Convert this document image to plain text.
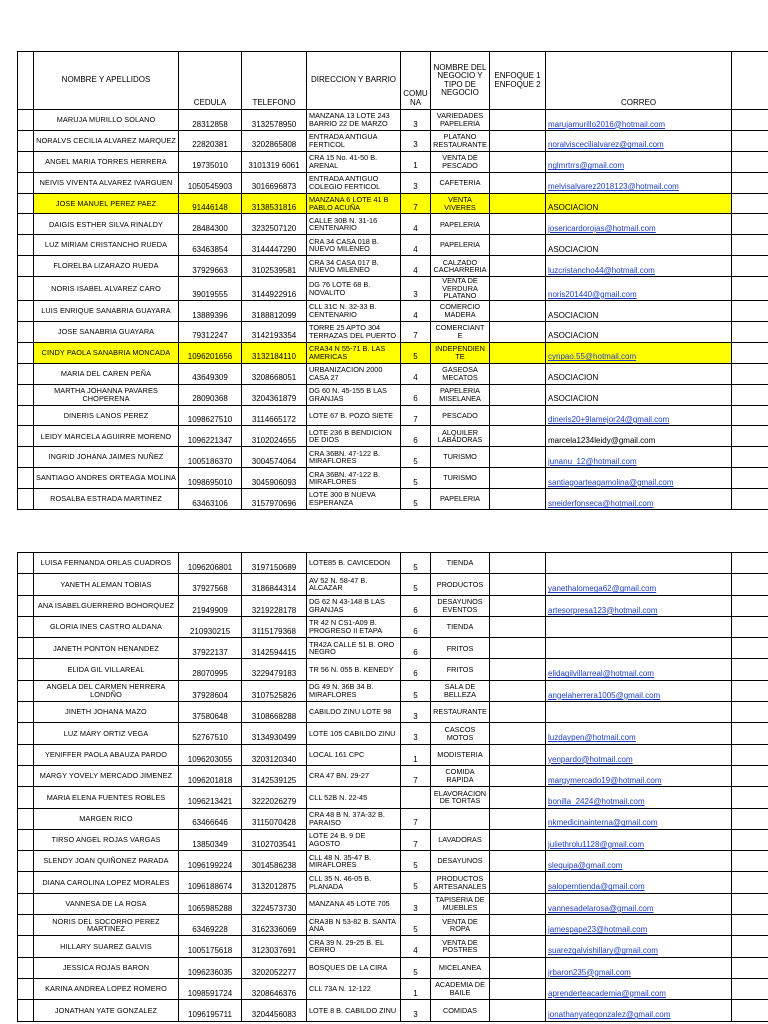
	NOMBRE Y APELLIDOS	CEDULA	TELEFONO	DIRECCION Y BARRIO	COMU NA	NOMBRE DEL NEGOCIO Y TIPO DE NEGOCIO	ENFOQUE 1 ENFOQUE 2	CORREO	
	MARUJA MURILLO SOLANO	28312858	3132578950	MANZANA 13 LOTE 243 BARRIO 22 DE MARZO	3	VARIEDADES PAPELERIA		marujamurillo2016@hotmail.com	
	NORALVS CECILIA ALVAREZ MARQUEZ	22820381	3202865808	ENTRADA ANTIGUA FERTICOL	3	PLATANO RESTAURANTE		noralviscecilialvarez@gmail.com	
	ANGEL MARIA TORRES HERRERA	19735010	3101319 6061	CRA 15 No. 41-50 B. ARENAL	1	VENTA DE PESCADO		nglmrtrrs@gmail.com	
	NEIVIS VIVENTA ALVAREZ IVARGUEN	1050545903	3016696873	ENTRADA ANTIGUO COLEGIO FERTICOL	3	CAFETERIA		melvisalvarez2018123@hotmail.com	
	JOSE MANUEL PEREZ PAEZ	91446148	3138531816	MANZANA 6 LOTE 41 B PABLO ACUÑA	7	VENTA VIVERES		ASOCIACION	
	DAIGIS ESTHER SILVA RINALDY	28484300	3232507120	CALLE 30B N. 31-16 CENTENARIO	4	PAPELERIA		josericardorojas@hotmail.com	
	LUZ MIRIAM CRISTANCHO RUEDA	63463854	3144447290	CRA 34 CASA 018 B. NUEVO MILENEO	4	PAPELERIA		ASOCIACION	
	FLORELBA LIZARAZO RUEDA	37929663	3102539581	CRA 34 CASA 017 B. NUEVO MILENEO	4	CALZADO CACHARRERIA		luzcristancho44@hotmail.com	
	NORIS ISABEL ALVAREZ CARO	39019555	3144922916	DG 76 LOTE 68 B. NOVALITO	3	VENTA DE VERDURA PLATANO		noris201440@gmail.com	
	LUIS ENRIQUE SANABRIA GUAYARA	13889396	3188812099	CLL 31C N. 32-33 B. CENTENARIO	4	COMERCIO MADERA		ASOCIACION	
	JOSE SANABRIA GUAYARA	79312247	3142193354	TORRE 25 APTO 304 TERRAZAS DEL PUERTO	7	COMERCIANT E		ASOCIACION	
	CINDY PAOLA SANABRIA MONCADA	1096201656	3132184110	CRA34 N 55-71 B. LAS AMERICAS	5	INDEPENDIEN TE		cynpao.55@hotmail.com	
	MARIA DEL CAREN PEÑA	43649309	3208668051	URBANIZACION 2000 CASA 27	4	GASEOSA MECATOS		ASOCIACION	
	MARTHA JOHANNA PAVARES CHOPERENA	28090368	3204361879	DG 60 N. 45-155 B LAS GRANJAS	6	PAPELERIA MISELANEA		ASOCIACION	
	DINERIS LANOS PEREZ	1098627510	3114665172	LOTE 67 B. POZO SIETE	7	PESCADO		dineris20+9lamejor24@gmail.com	
	LEIDY MARCELA AGUIRRE MORENO	1096221347	3102024655	LOTE 236 B BENDICION DE DIOS	6	ALQUILER LABADORAS		marcela1234leidy@gmail.com	
	INGRID JOHANA JAIMES NUÑEZ	1005186370	3004574064	CRA 36BN. 47-122 B. MIRAFLORES	5	TURISMO		junanu_12@hotmail.com	
	SANTIAGO ANDRES ORTEAGA MOLINA	1098695010	3045906093	CRA 36BN. 47-122 B. MIRAFLORES	5	TURISMO		santiagoarteagamolina@gmail.com	
	ROSALBA ESTRADA MARTINEZ	63463106	3157970696	LOTE 300 B NUEVA ESPERANZA	5	PAPELERIA		sneiderfonseca@hotmail.com	
	LUISA FERNANDA ORLAS CUADROS	1096206801	3197150689	LOTE85 B. CAVICEDON	5	TIENDA			
	YANETH ALEMAN TOBIAS	37927568	3186844314	AV 52 N. 58-47 B. ALCAZAR	5	PRODUCTOS		yanethalomega62@gmail.com	
	ANA ISABELGUERRERO BOHORQUEZ	21949909	3219228178	DG 62 N 43-148 B LAS GRANJAS	6	DESAYUNOS EVENTOS		artesorpresa123@hotmail.com	
	GLORIA INES CASTRO ALDANA	210930215	3115179368	TR 42 N CS1-A09 B. PROGRESO II ETAPA	6	TIENDA			
	JANETH PONTON HENANDEZ	37922137	3142594415	TR42A CALLE 51 B. ORO NEGRO	6	FRITOS			
	ELIDA GIL VILLAREAL	28070995	3229479183	TR 56 N. 055 B. KENEDY	6	FRITOS		elidagilvillarreal@hotmail.com	
	ANGELA DEL CARMEN HERRERA LONDÑO	37928604	3107525826	DG 49 N. 36B 34 B. MIRAFLORES	5	SALA DE BELLEZA		angelaherrera1005@gmail.com	
	JINETH JOHANA MAZO	37580648	3108668288	CABILDO ZINU LOTE 98	3	RESTAURANTE			
	LUZ MARY ORTIZ VEGA	52767510	3134930499	LOTE 105 CABILDO ZINU	3	CASCOS MOTOS		luzdaypen@hotmail.com	
	YENIFFER PAOLA ABAUZA PARDO	1096203055	3203120340	LOCAL 161 CPC	1	MODISTERIA		yenpardo@hotmail.com	
	MARGY YOVELY MERCADO JIMENEZ	1096201818	3142539125	CRA 47 BN. 29-27	7	COMIDA RAPIDA		margymercado19@hotmail.com	
	MARIA ELENA FUENTES ROBLES	1096213421	3222026279	CLL 52B N. 22-45		ELAVORACION DE TORTAS		bonilla_2424@hotmail.com	
	MARGEN RICO	63466646	3115070428	CRA 48 B N. 37A-32 B. PARAISO	7			nkmedicinainterna@gmail.com	
	TIRSO ANGEL ROJAS VARGAS	13850349	3102703541	LOTE 24 B. 9 DE AGOSTO	7	LAVADORAS		juliethrolu1128@gmail.com	
	SLENDY JOAN QUIÑONEZ PARADA	1096199224	3014586238	CLL 48 N. 35-47 B. MIRAFLORES	5	DESAYUNOS		slequipa@gmail.com	
	DIANA CAROLINA LOPEZ MORALES	1096188674	3132012875	CLL 35 N. 46-05 B. PLANADA	5	PRODUCTOS ARTESANALES		salopemtienda@gmail.com	
	VANNESA DE LA ROSA	1065985288	3224573730	MANZANA 45 LOTE 705	3	TAPISERIA DE MUEBLES		vannesadelarosa@gmail.com	
	NORIS DEL SOCORRO PEREZ MARTINEZ	63469228	3162336069	CRA3B N 53-82 B. SANTA ANA	5	VENTA DE ROPA		jamespape23@hotmail.com	
	HILLARY SUAREZ GALVIS	1005175618	3123037691	CRA 39 N. 29-25 B. EL CERRO	4	VENTA DE POSTRES		suarezgalvishillary@gmail.com	
	JESSICA ROJAS BARON	1096236035	3202052277	BOSQUES DE LA CIRA	5	MICELANEA		jrbaron235@gmail.com	
	KARINA ANDREA LOPEZ ROMERO	1098591724	3208646376	CLL 73A N. 12-122	1	ACADEMIA DE BAILE		aprenderteacademia@gmail.com	
	JONATHAN YATE GONZALEZ	1096195711	3204456083	LOTE 8 B. CABILDO ZINU	3	COMIDAS		jonathanyategonzalez@gmail.com	
